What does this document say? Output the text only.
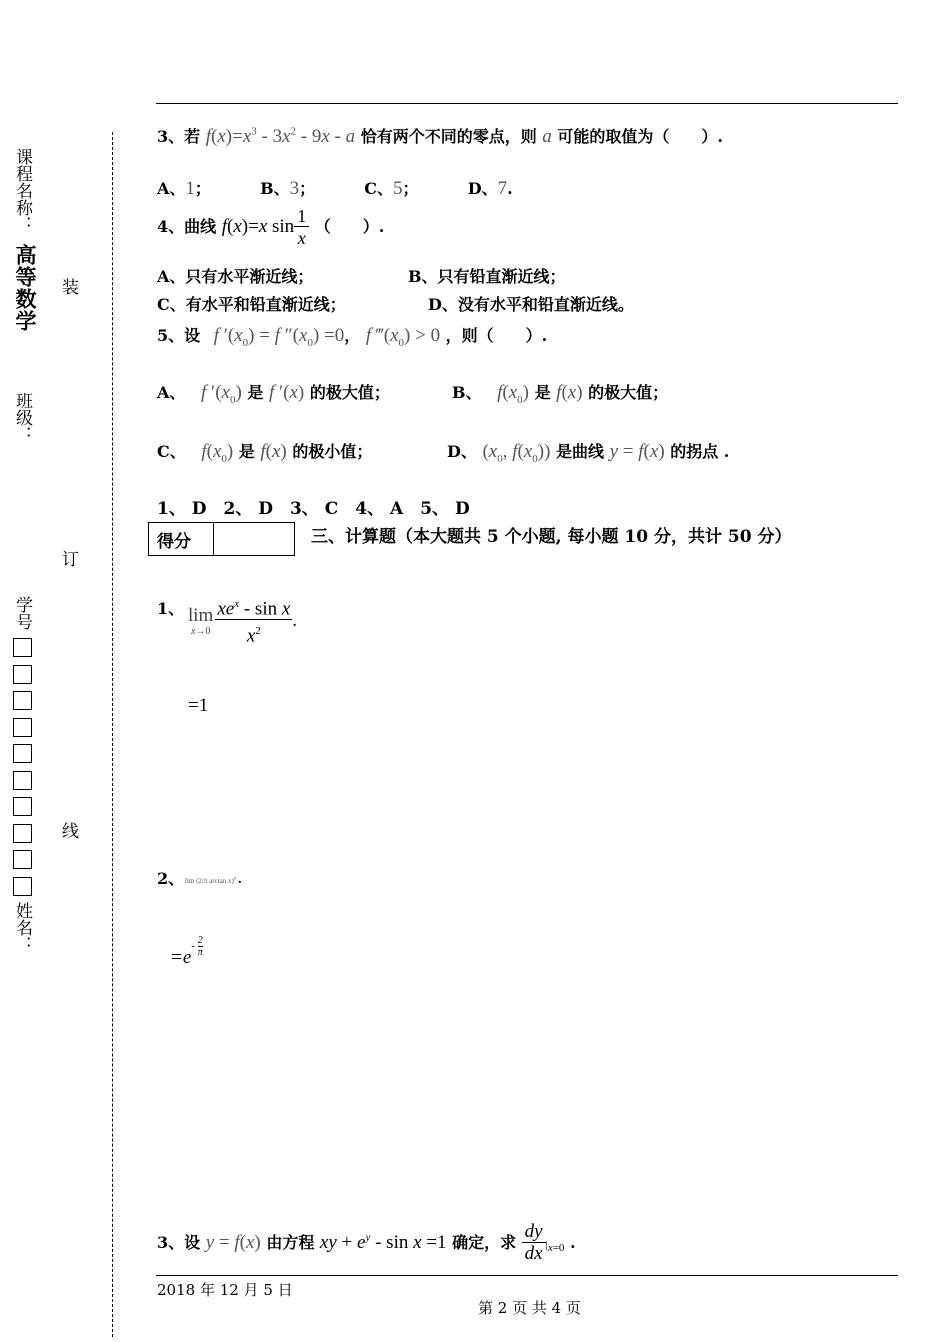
课程名称：
高等数学
班级：
学号
姓名：
装
订
线
3、若 $f(x)=x^3 - 3x^2 - 9x - a$ 恰有两个不同的零点，则 a 可能的取值为（　　）.
A、1；	B、3；	C、5；	D、7.
4、曲线 f(x)=x $\sin \frac{1}{x}$ （　　）.
A、只有水平渐近线；	B、只有铅直渐近线；
C、有水平和铅直渐近线；	D、没有水平和铅直渐近线。
5、设 f $'(x_0) = f$ $''(x_0) =0$， f $‴(x_0) > 0$ ，则（　　）.
A、 f $'(x_0)$ 是 f ′(x) 的极大值；	B、 $f(x_0)$ 是 f(x) 的极大值；
C、 $f(x_0)$ 是 f(x) 的极小值；	D、 ($x_0$, $f(x_0)$) 是曲线 y = f(x) 的拐点 .
1、 D　2、 D　3、 C　4、 A　5、 D
得分		三、计算题（本大题共 5 个小题, 每小题 10 分，共计 50 分）
1、 lim
$x\to 0 \frac{xe^x - \sin x}{x^2}$ .
=1
2、 lim (2/π arctan x)$^x$ .
$=e^{- \frac{2}{\pi}}$
3、设 y = f(x) 由方程 xy + $e^y - \sin x =1$ 确定，求 $\frac{dy}{dx} |_{x=0}$ .
2018 年 12 月 5 日
第 2 页 共 4 页
